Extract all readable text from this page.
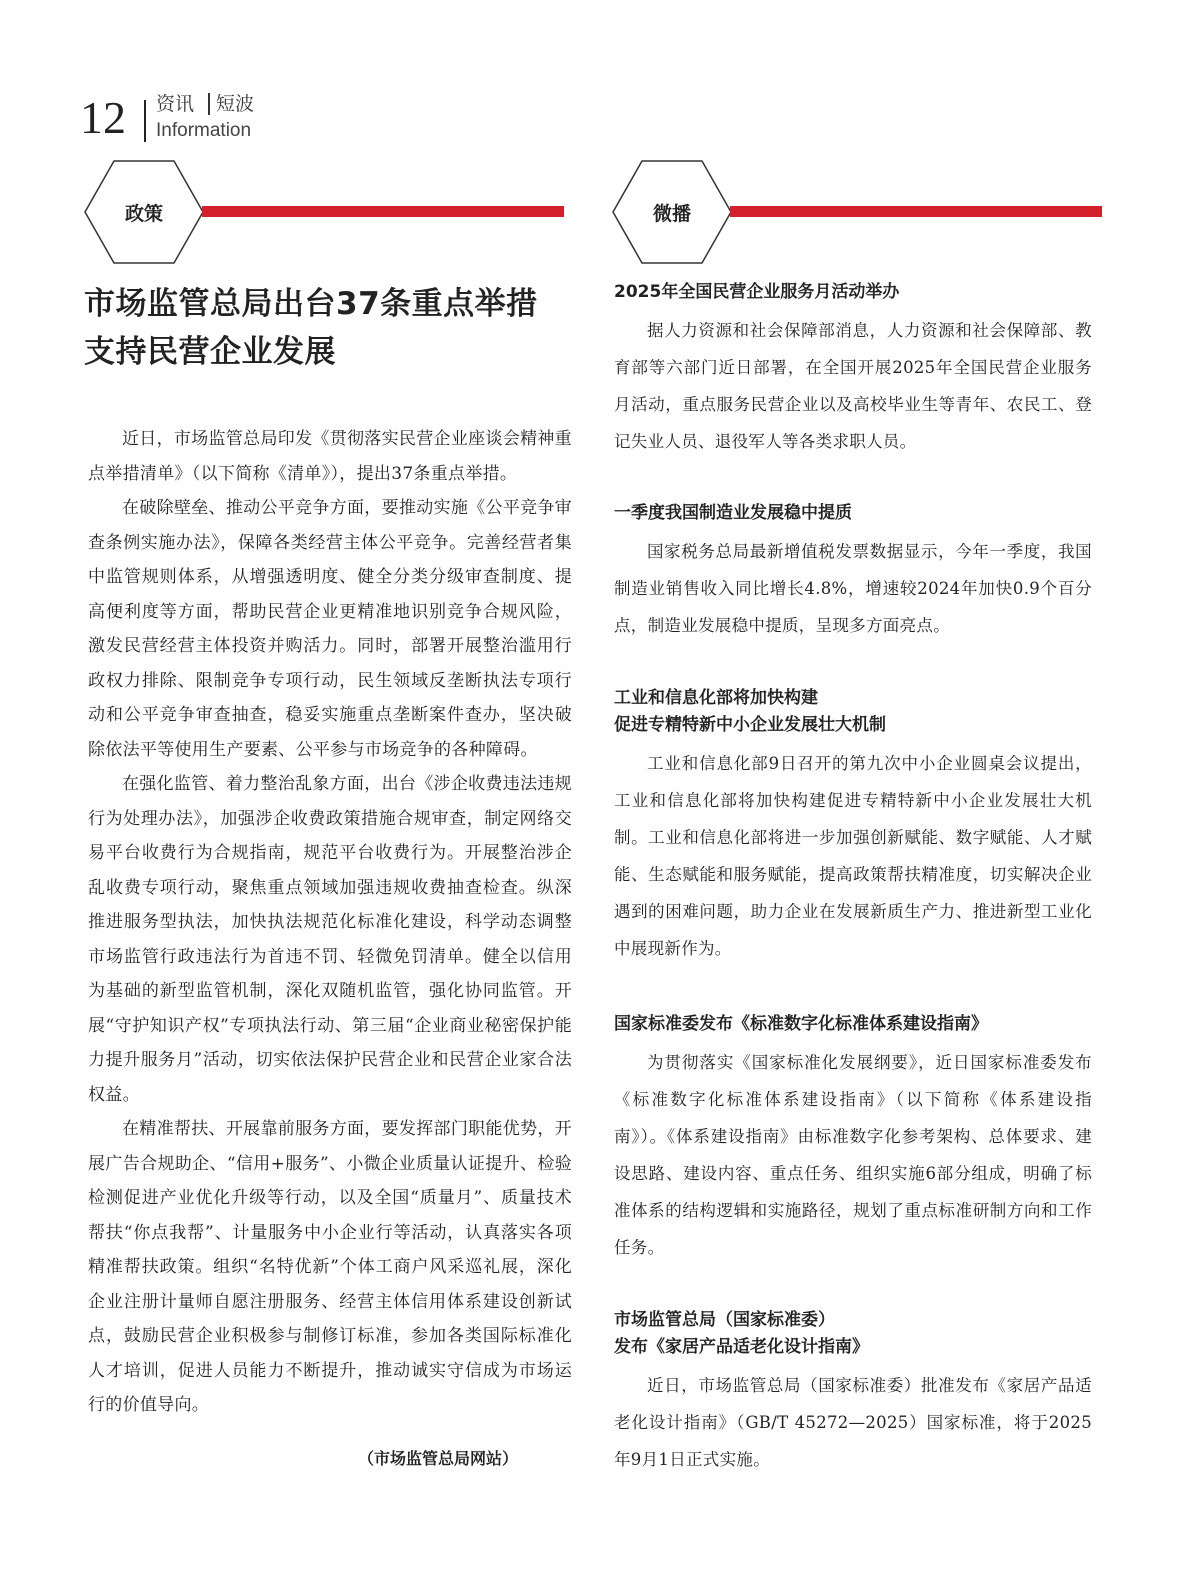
12 资讯 短波
Information
政策
市场监管总局出台37条重点举措
支持民营企业发展

近日，市场监管总局印发《贯彻落实民营企业座谈会精神重点举措清单》（以下简称《清单》），提出37条重点举措。

在破除壁垒、推动公平竞争方面，要推动实施《公平竞争审查条例实施办法》，保障各类经营主体公平竞争。完善经营者集中监管规则体系，从增强透明度、健全分类分级审查制度、提高便利度等方面，帮助民营企业更精准地识别竞争合规风险，激发民营经营主体投资并购活力。同时，部署开展整治滥用行政权力排除、限制竞争专项行动，民生领域反垄断执法专项行动和公平竞争审查抽查，稳妥实施重点垄断案件查办，坚决破除依法平等使用生产要素、公平参与市场竞争的各种障碍。

在强化监管、着力整治乱象方面，出台《涉企收费违法违规行为处理办法》，加强涉企收费政策措施合规审查，制定网络交易平台收费行为合规指南，规范平台收费行为。开展整治涉企乱收费专项行动，聚焦重点领域加强违规收费抽查检查。纵深推进服务型执法，加快执法规范化标准化建设，科学动态调整市场监管行政违法行为首违不罚、轻微免罚清单。健全以信用为基础的新型监管机制，深化双随机监管，强化协同监管。开展“守护知识产权”专项执法行动、第三届“企业商业秘密保护能力提升服务月”活动，切实依法保护民营企业和民营企业家合法权益。

在精准帮扶、开展靠前服务方面，要发挥部门职能优势，开展广告合规助企、“信用+服务”、小微企业质量认证提升、检验检测促进产业优化升级等行动，以及全国“质量月”、质量技术帮扶“你点我帮”、计量服务中小企业行等活动，认真落实各项精准帮扶政策。组织“名特优新”个体工商户风采巡礼展，深化企业注册计量师自愿注册服务、经营主体信用体系建设创新试点，鼓励民营企业积极参与制修订标准，参加各类国际标准化人才培训，促进人员能力不断提升，推动诚实守信成为市场运行的价值导向。

（市场监管总局网站）
微播
2025年全国民营企业服务月活动举办

据人力资源和社会保障部消息，人力资源和社会保障部、教育部等六部门近日部署，在全国开展2025年全国民营企业服务月活动，重点服务民营企业以及高校毕业生等青年、农民工、登记失业人员、退役军人等各类求职人员。

一季度我国制造业发展稳中提质

国家税务总局最新增值税发票数据显示，今年一季度，我国制造业销售收入同比增长4.8%，增速较2024年加快0.9个百分点，制造业发展稳中提质，呈现多方面亮点。

工业和信息化部将加快构建
促进专精特新中小企业发展壮大机制

工业和信息化部9日召开的第九次中小企业圆桌会议提出，工业和信息化部将加快构建促进专精特新中小企业发展壮大机制。工业和信息化部将进一步加强创新赋能、数字赋能、人才赋能、生态赋能和服务赋能，提高政策帮扶精准度，切实解决企业遇到的困难问题，助力企业在发展新质生产力、推进新型工业化中展现新作为。

国家标准委发布《标准数字化标准体系建设指南》

为贯彻落实《国家标准化发展纲要》，近日国家标准委发布《标准数字化标准体系建设指南》（以下简称《体系建设指南》）。《体系建设指南》由标准数字化参考架构、总体要求、建设思路、建设内容、重点任务、组织实施6部分组成，明确了标准体系的结构逻辑和实施路径，规划了重点标准研制方向和工作任务。

市场监管总局（国家标准委）
发布《家居产品适老化设计指南》

近日，市场监管总局（国家标准委）批准发布《家居产品适老化设计指南》（GB/T 45272—2025）国家标准，将于2025年9月1日正式实施。
